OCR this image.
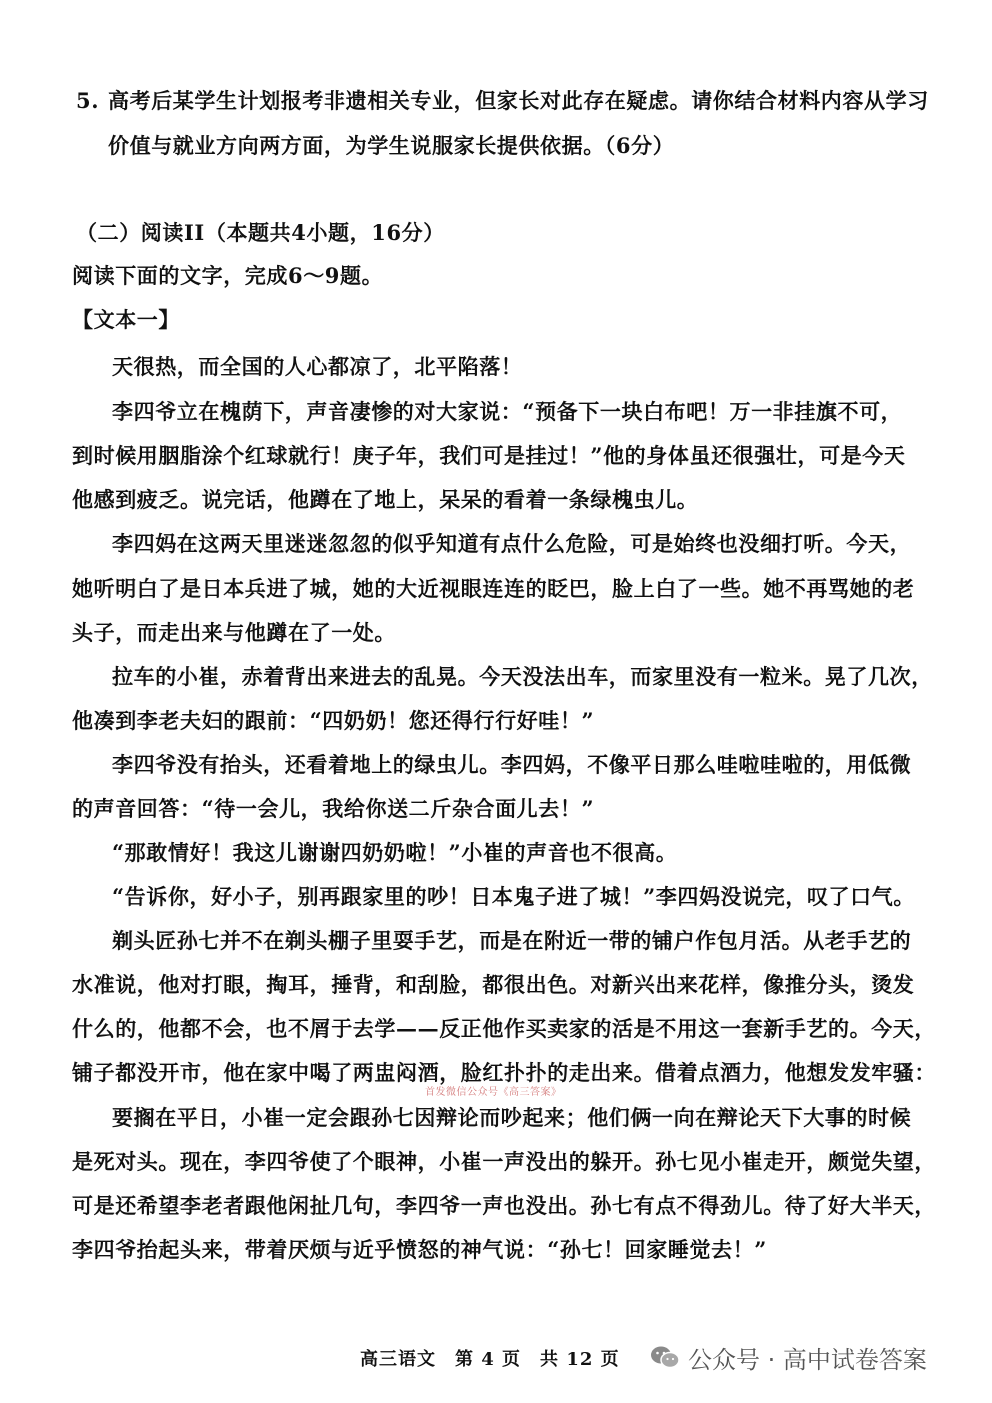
5. 高考后某学生计划报考非遗相关专业，但家长对此存在疑虑。请你结合材料内容从学习
价值与就业方向两方面，为学生说服家长提供依据。（6分）
（二）阅读II（本题共4小题，16分）
阅读下面的文字，完成6～9题。
【文本一】
天很热，而全国的人心都凉了，北平陷落！
李四爷立在槐荫下，声音凄惨的对大家说：“预备下一块白布吧！万一非挂旗不可，
到时候用胭脂涂个红球就行！庚子年，我们可是挂过！”他的身体虽还很强壮，可是今天
他感到疲乏。说完话，他蹲在了地上，呆呆的看着一条绿槐虫儿。
李四妈在这两天里迷迷忽忽的似乎知道有点什么危险，可是始终也没细打听。今天，
她听明白了是日本兵进了城，她的大近视眼连连的眨巴，脸上白了一些。她不再骂她的老
头子，而走出来与他蹲在了一处。
拉车的小崔，赤着背出来进去的乱晃。今天没法出车，而家里没有一粒米。晃了几次，
他凑到李老夫妇的跟前：“四奶奶！您还得行行好哇！”
李四爷没有抬头，还看着地上的绿虫儿。李四妈，不像平日那么哇啦哇啦的，用低微
的声音回答：“待一会儿，我给你送二斤杂合面儿去！”
“那敢情好！我这儿谢谢四奶奶啦！”小崔的声音也不很高。
“告诉你，好小子，别再跟家里的吵！日本鬼子进了城！”李四妈没说完，叹了口气。
剃头匠孙七并不在剃头棚子里耍手艺，而是在附近一带的铺户作包月活。从老手艺的
水准说，他对打眼，掏耳，捶背，和刮脸，都很出色。对新兴出来花样，像推分头，烫发
什么的，他都不会，也不屑于去学——反正他作买卖家的活是不用这一套新手艺的。今天，
铺子都没开市，他在家中喝了两盅闷酒，脸红扑扑的走出来。借着点酒力，他想发发牢骚：
要搁在平日，小崔一定会跟孙七因辩论而吵起来；他们俩一向在辩论天下大事的时候
是死对头。现在，李四爷使了个眼神，小崔一声没出的躲开。孙七见小崔走开，颇觉失望，
可是还希望李老者跟他闲扯几句，李四爷一声也没出。孙七有点不得劲儿。待了好大半天，
李四爷抬起头来，带着厌烦与近乎愤怒的神气说：“孙七！回家睡觉去！”
首发微信公众号《高三答案》
高三语文　第 4 页　共 12 页	公众号 · 高中试卷答案
